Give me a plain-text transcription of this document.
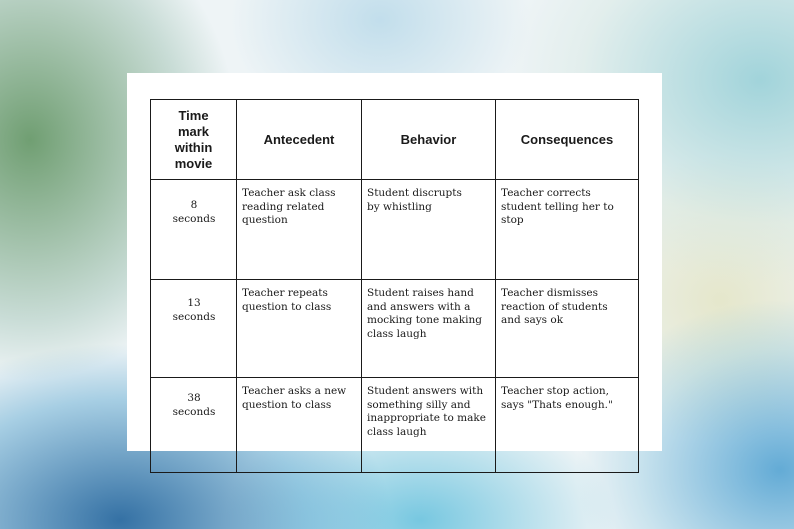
Time mark within movie	Antecedent	Behavior	Consequences

8
seconds	Teacher ask class
reading related
question	Student discrupts
by whistling	Teacher corrects
student telling her to
stop

13
seconds	Teacher repeats
question to class	Student raises hand
and answers with a
mocking tone making
class laugh	Teacher dismisses
reaction of students
and says ok

38
seconds	Teacher asks a new
question to class	Student answers with
something silly and
inappropriate to make
class laugh	Teacher stop action,
says "Thats enough."
